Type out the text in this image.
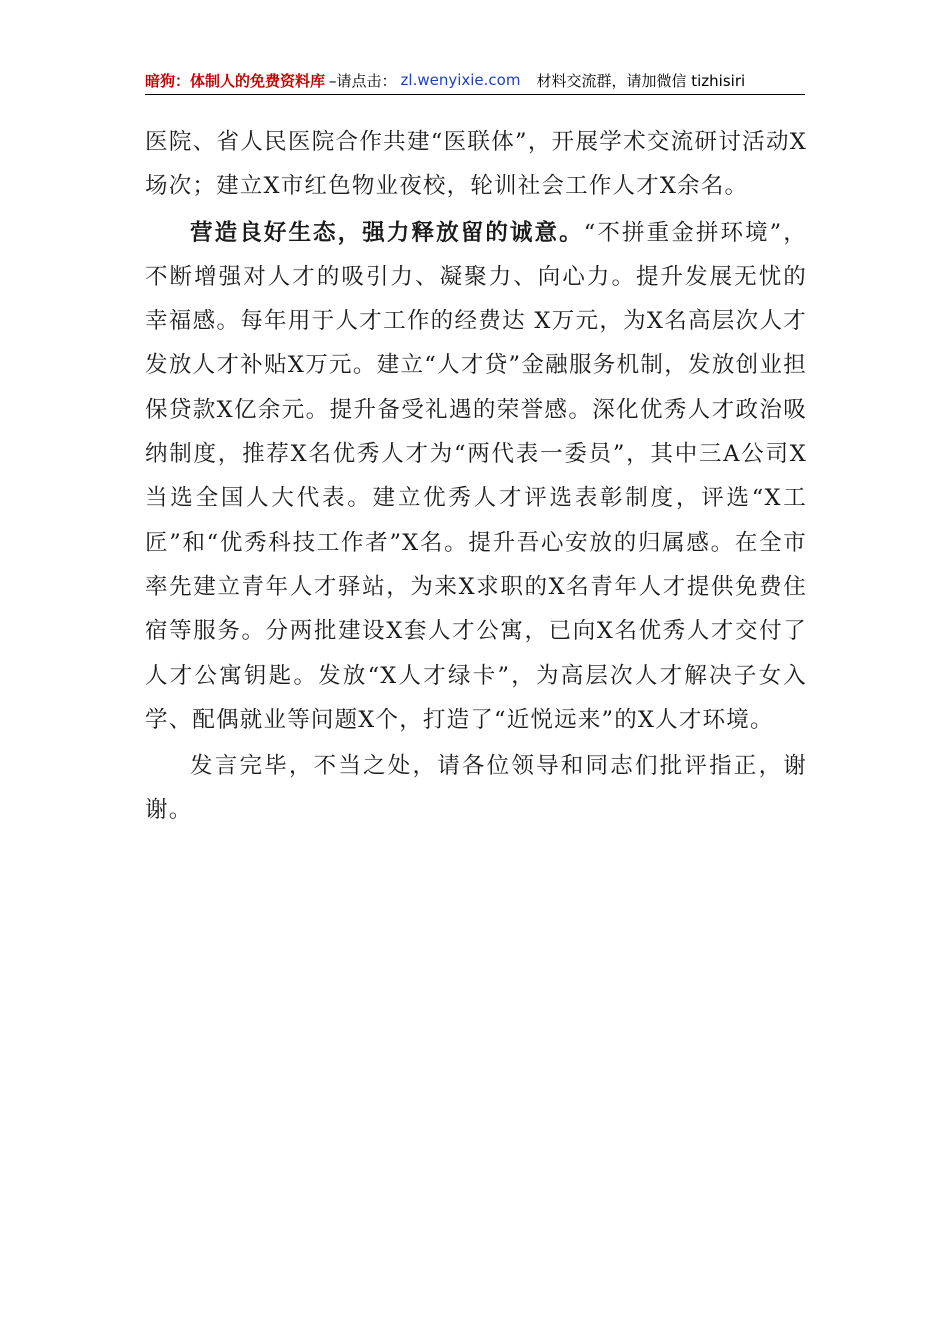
暗狗：体制人的免费资料库 –请点击： zl.wenyixie.com 材料交流群，请加微信 tizhisiri

医院、省人民医院合作共建“医联体”，开展学术交流研讨活动X场次；建立X市红色物业夜校，轮训社会工作人才X余名。

营造良好生态，强力释放留的诚意。“不拼重金拼环境”，不断增强对人才的吸引力、凝聚力、向心力。提升发展无忧的幸福感。每年用于人才工作的经费达 X万元，为X名高层次人才发放人才补贴X万元。建立“人才贷”金融服务机制，发放创业担保贷款X亿余元。提升备受礼遇的荣誉感。深化优秀人才政治吸纳制度，推荐X名优秀人才为“两代表一委员”，其中三A公司X当选全国人大代表。建立优秀人才评选表彰制度，评选“X工匠”和“优秀科技工作者”X名。提升吾心安放的归属感。在全市率先建立青年人才驿站，为来X求职的X名青年人才提供免费住宿等服务。分两批建设X套人才公寓，已向X名优秀人才交付了人才公寓钥匙。发放“X人才绿卡”，为高层次人才解决子女入学、配偶就业等问题X个，打造了“近悦远来”的X人才环境。

发言完毕，不当之处，请各位领导和同志们批评指正，谢谢。
